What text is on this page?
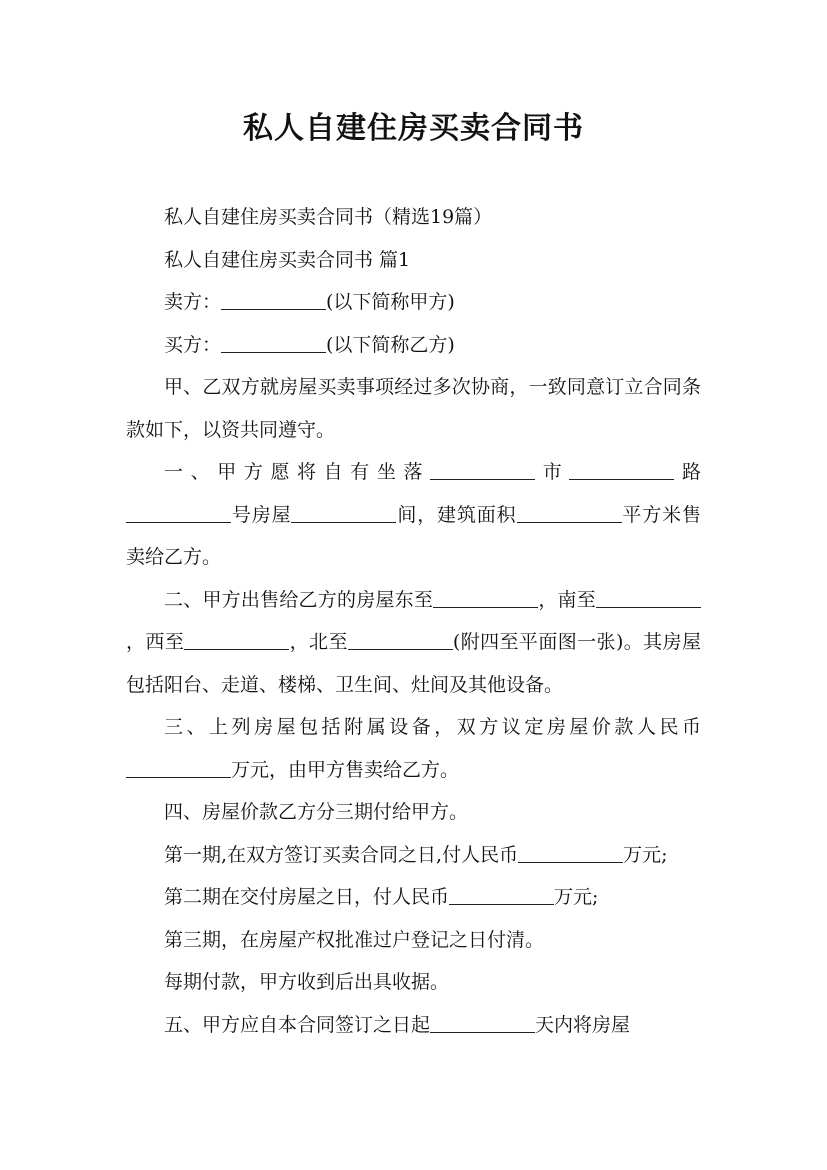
私人自建住房买卖合同书

私人自建住房买卖合同书（精选19篇）

私人自建住房买卖合同书 篇1

卖方：	(以下简称甲方)

买方：	(以下简称乙方)

甲、乙双方就房屋买卖事项经过多次协商，一致同意订立合同条款如下，以资共同遵守。

一、甲方愿将自有坐落	市	路号房屋	间，建筑面积	平方米售卖给乙方。

二、甲方出售给乙方的房屋东至	，南至，西至	，北至	(附四至平面图一张)。其房屋包括阳台、走道、楼梯、卫生间、灶间及其他设备。

三、上列房屋包括附属设备，双方议定房屋价款人民币万元，由甲方售卖给乙方。

四、房屋价款乙方分三期付给甲方。

第一期,在双方签订买卖合同之日,付人民币	万元;

第二期在交付房屋之日，付人民币	万元;

第三期，在房屋产权批准过户登记之日付清。

每期付款，甲方收到后出具收据。

五、甲方应自本合同签订之日起	天内将房屋
